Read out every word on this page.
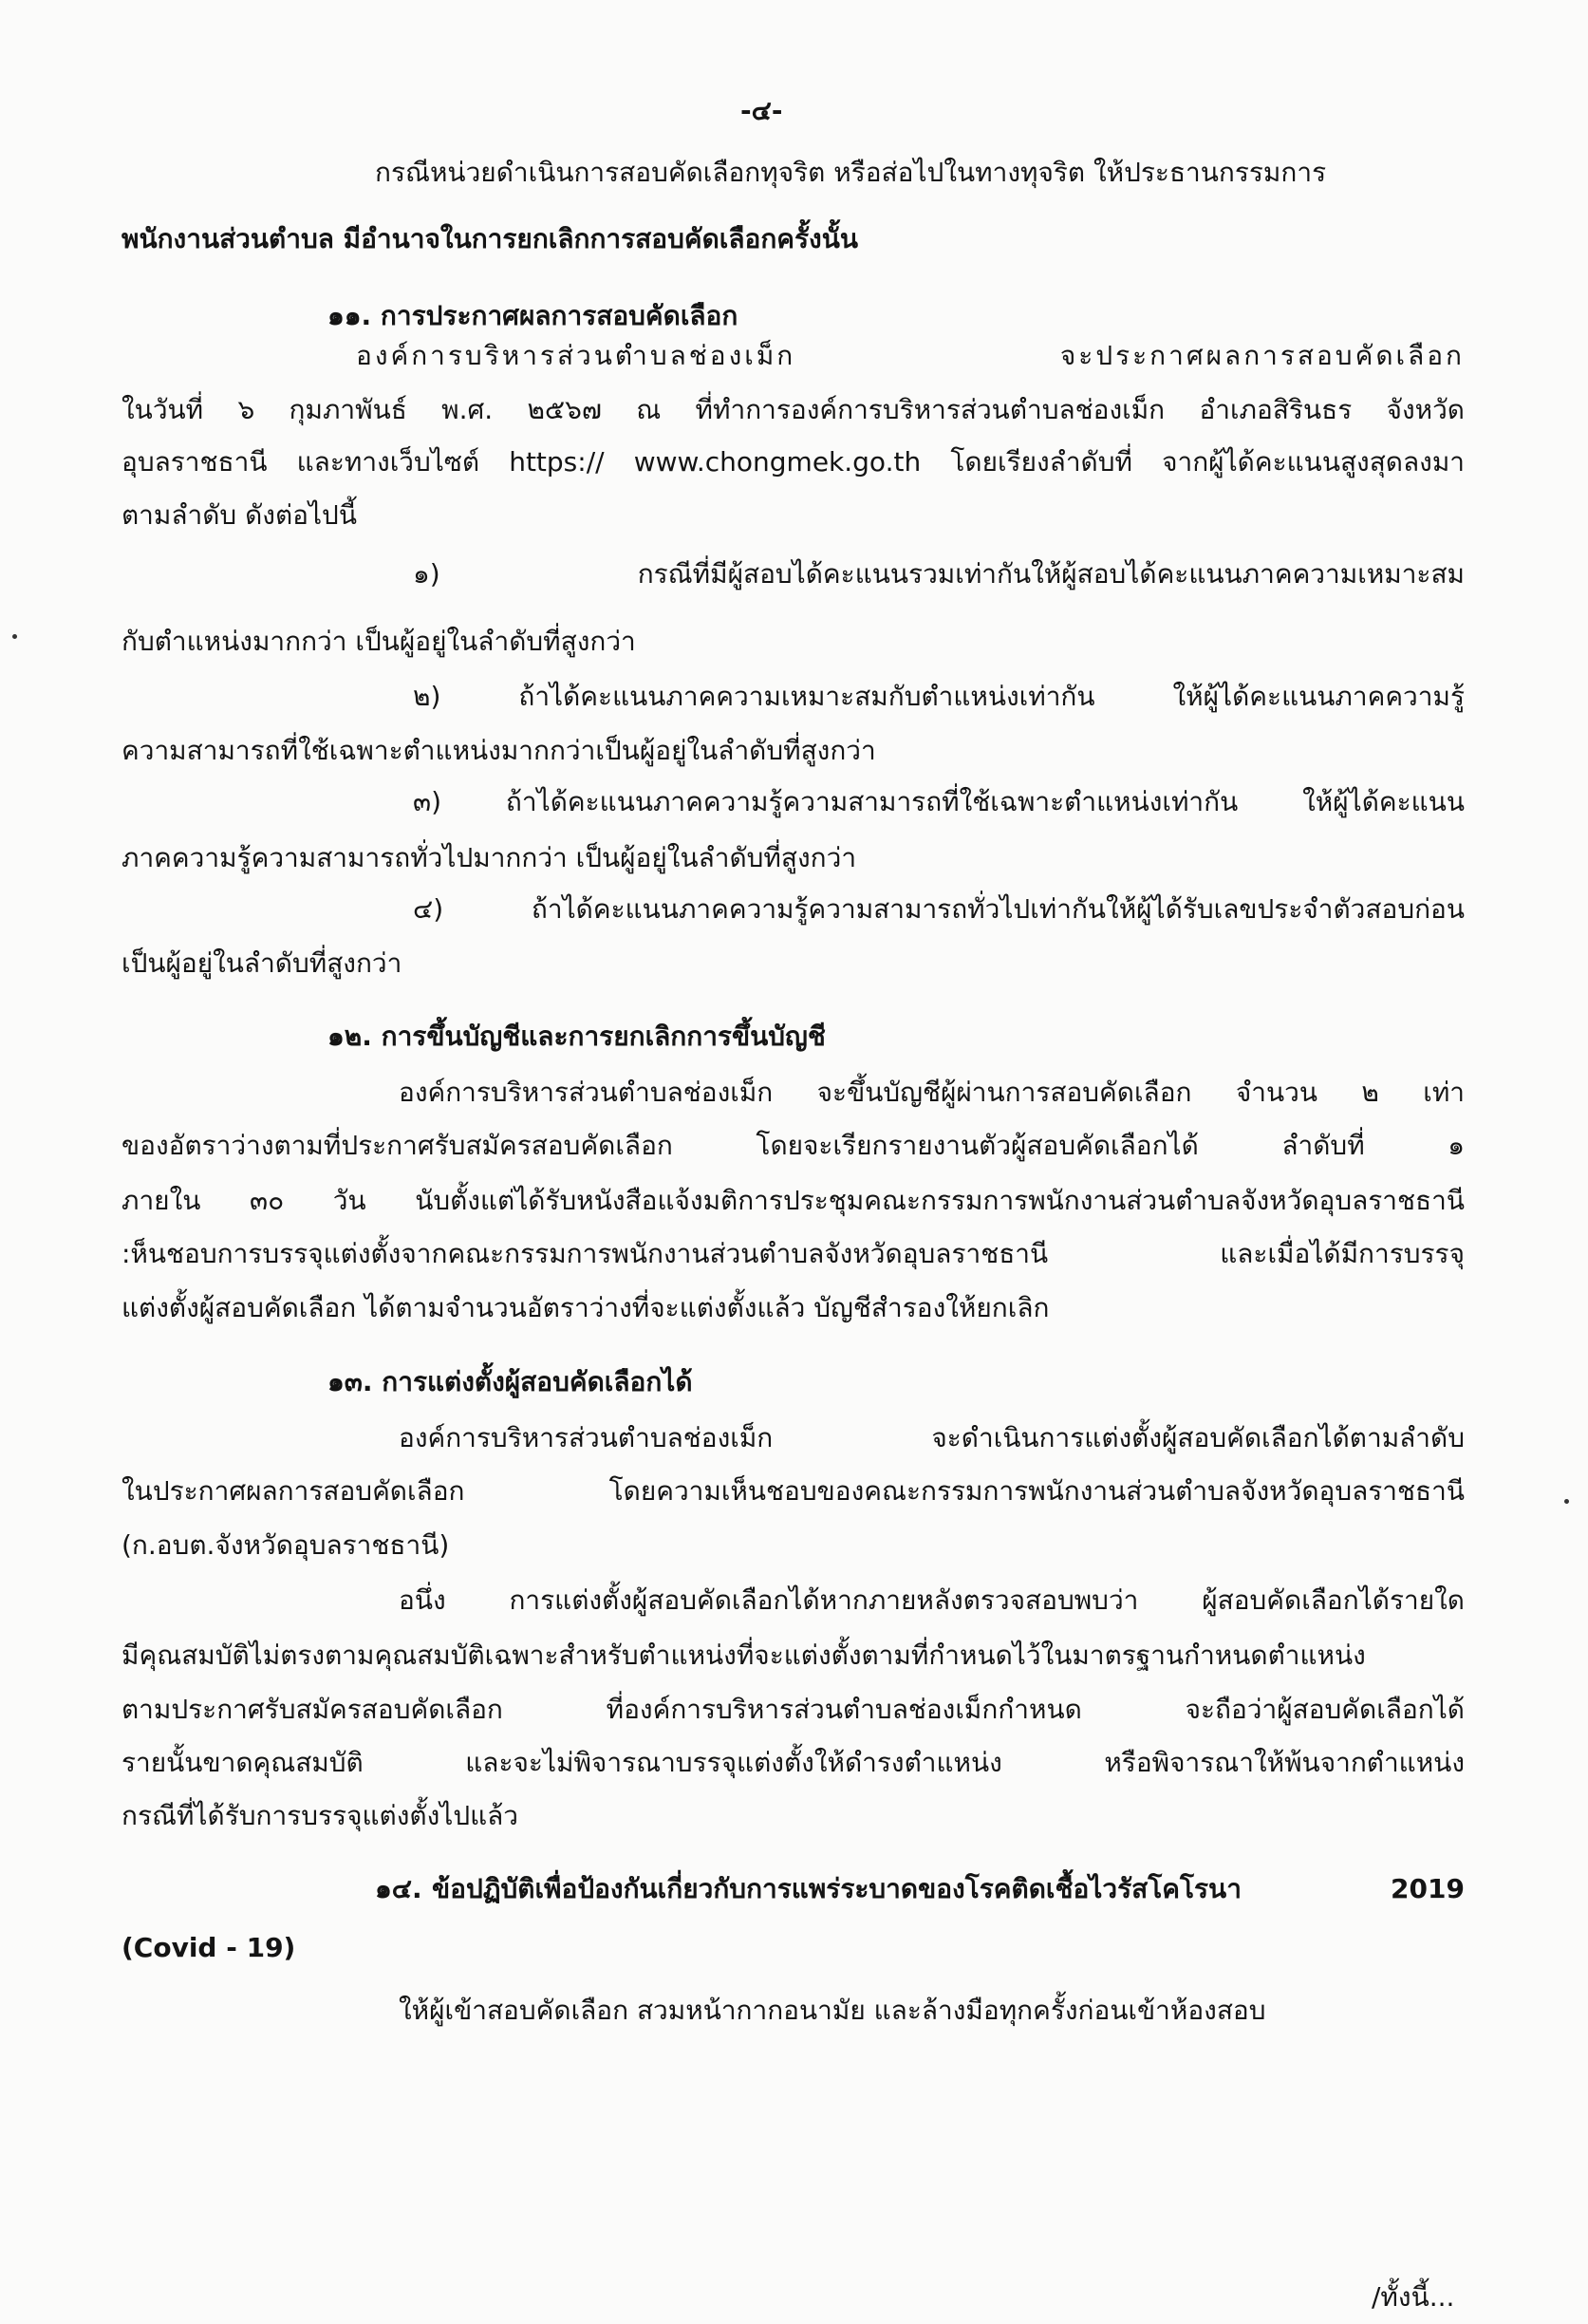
-๔-
กรณีหน่วยดำเนินการสอบคัดเลือกทุจริต หรือส่อไปในทางทุจริต ให้ประธานกรรมการ
พนักงานส่วนตำบล มีอำนาจในการยกเลิกการสอบคัดเลือกครั้งนั้น
๑๑. การประกาศผลการสอบคัดเลือก
องค์การบริหารส่วนตำบลช่องเม็ก จะประกาศผลการสอบคัดเลือก
ในวันที่ ๖ กุมภาพันธ์ พ.ศ. ๒๕๖๗ ณ ที่ทำการองค์การบริหารส่วนตำบลช่องเม็ก อำเภอสิรินธร จังหวัด
อุบลราชธานี และทางเว็บไซต์ https:// www.chongmek.go.th โดยเรียงลำดับที่ จากผู้ได้คะแนนสูงสุดลงมา
ตามลำดับ ดังต่อไปนี้
๑) กรณีที่มีผู้สอบได้คะแนนรวมเท่ากันให้ผู้สอบได้คะแนนภาคความเหมาะสม
กับตำแหน่งมากกว่า เป็นผู้อยู่ในลำดับที่สูงกว่า
๒) ถ้าได้คะแนนภาคความเหมาะสมกับตำแหน่งเท่ากัน ให้ผู้ได้คะแนนภาคความรู้
ความสามารถที่ใช้เฉพาะตำแหน่งมากกว่าเป็นผู้อยู่ในลำดับที่สูงกว่า
๓) ถ้าได้คะแนนภาคความรู้ความสามารถที่ใช้เฉพาะตำแหน่งเท่ากัน ให้ผู้ได้คะแนน
ภาคความรู้ความสามารถทั่วไปมากกว่า เป็นผู้อยู่ในลำดับที่สูงกว่า
๔) ถ้าได้คะแนนภาคความรู้ความสามารถทั่วไปเท่ากันให้ผู้ได้รับเลขประจำตัวสอบก่อน
เป็นผู้อยู่ในลำดับที่สูงกว่า
๑๒. การขึ้นบัญชีและการยกเลิกการขึ้นบัญชี
องค์การบริหารส่วนตำบลช่องเม็ก จะขึ้นบัญชีผู้ผ่านการสอบคัดเลือก จำนวน ๒ เท่า
ของอัตราว่างตามที่ประกาศรับสมัครสอบคัดเลือก โดยจะเรียกรายงานตัวผู้สอบคัดเลือกได้ ลำดับที่ ๑
ภายใน ๓๐ วัน นับตั้งแต่ได้รับหนังสือแจ้งมติการประชุมคณะกรรมการพนักงานส่วนตำบลจังหวัดอุบลราชธานี
:ห็นชอบการบรรจุแต่งตั้งจากคณะกรรมการพนักงานส่วนตำบลจังหวัดอุบลราชธานี และเมื่อได้มีการบรรจุ
แต่งตั้งผู้สอบคัดเลือก ได้ตามจำนวนอัตราว่างที่จะแต่งตั้งแล้ว บัญชีสำรองให้ยกเลิก
๑๓. การแต่งตั้งผู้สอบคัดเลือกได้
องค์การบริหารส่วนตำบลช่องเม็ก จะดำเนินการแต่งตั้งผู้สอบคัดเลือกได้ตามลำดับ
ในประกาศผลการสอบคัดเลือก โดยความเห็นชอบของคณะกรรมการพนักงานส่วนตำบลจังหวัดอุบลราชธานี
(ก.อบต.จังหวัดอุบลราชธานี)
อนึ่ง การแต่งตั้งผู้สอบคัดเลือกได้หากภายหลังตรวจสอบพบว่า ผู้สอบคัดเลือกได้รายใด
มีคุณสมบัติไม่ตรงตามคุณสมบัติเฉพาะสำหรับตำแหน่งที่จะแต่งตั้งตามที่กำหนดไว้ในมาตรฐานกำหนดตำแหน่ง
ตามประกาศรับสมัครสอบคัดเลือก ที่องค์การบริหารส่วนตำบลช่องเม็กกำหนด จะถือว่าผู้สอบคัดเลือกได้
รายนั้นขาดคุณสมบัติ และจะไม่พิจารณาบรรจุแต่งตั้งให้ดำรงตำแหน่ง หรือพิจารณาให้พ้นจากตำแหน่ง
กรณีที่ได้รับการบรรจุแต่งตั้งไปแล้ว
๑๔. ข้อปฏิบัติเพื่อป้องกันเกี่ยวกับการแพร่ระบาดของโรคติดเชื้อไวรัสโคโรนา 2019
(Covid - 19)
ให้ผู้เข้าสอบคัดเลือก สวมหน้ากากอนามัย และล้างมือทุกครั้งก่อนเข้าห้องสอบ
/ทั้งนี้...
